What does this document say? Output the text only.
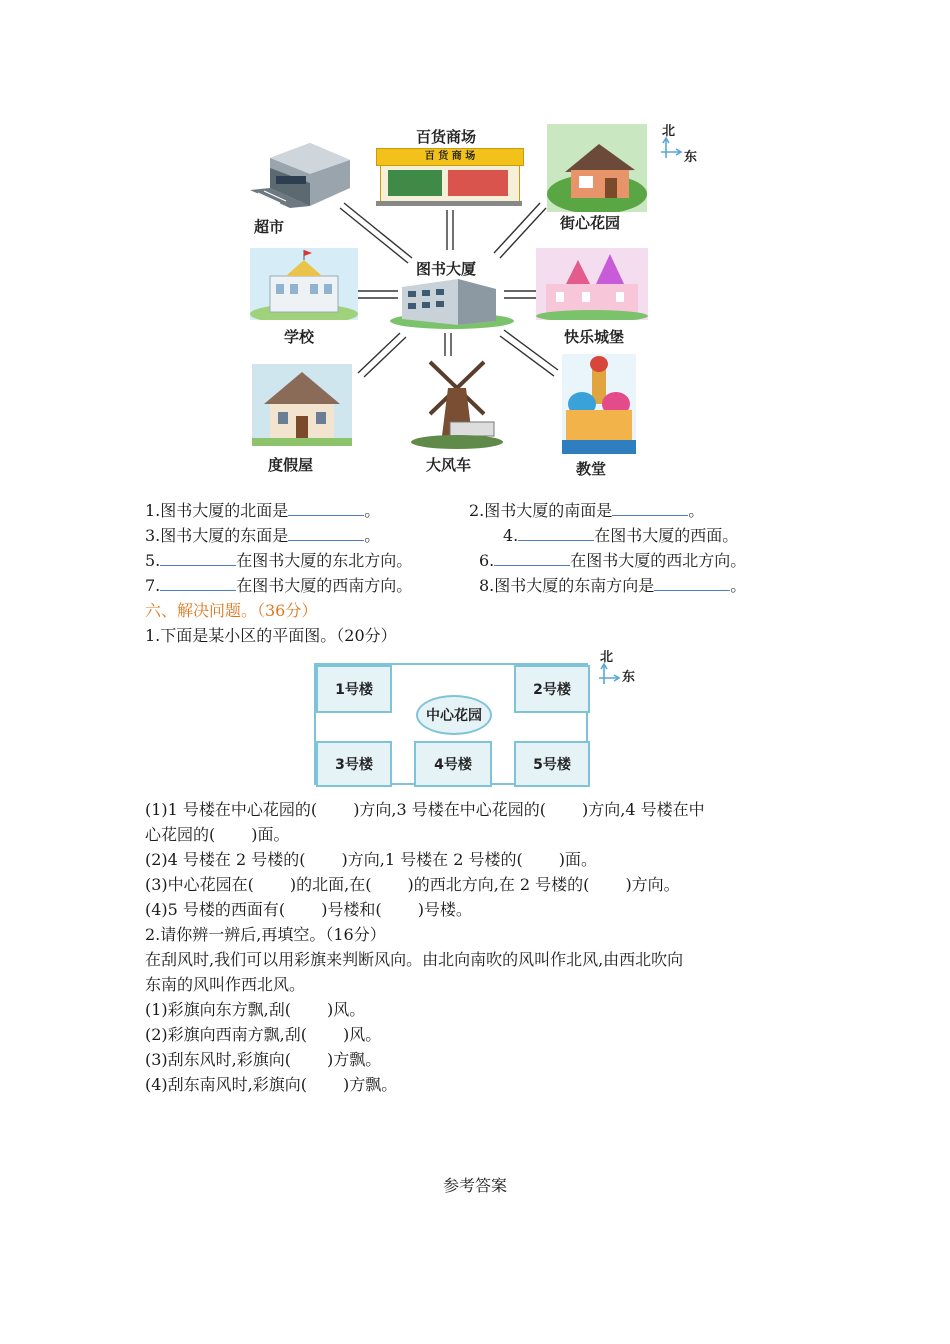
北
东
超市
百货商场
百 货 商 场
街心花园
图书大厦
学校	快乐城堡
度假屋	大风车	教堂
1.图书大厦的北面是	。	2.图书大厦的南面是	。
3.图书大厦的东面是	。	4.	在图书大厦的西面。
5.	在图书大厦的东北方向。	6.	在图书大厦的西北方向。
7.	在图书大厦的西南方向。	8.图书大厦的东南方向是	。
六、解决问题。（36分）
1.下面是某小区的平面图。（20分）
1号楼	2号楼
3号楼	4号楼	5号楼
中心花园
北
东
(1)1 号楼在中心花园的( )方向,3 号楼在中心花园的( )方向,4 号楼在中
心花园的( )面。
(2)4 号楼在 2 号楼的( )方向,1 号楼在 2 号楼的( )面。
(3)中心花园在( )的北面,在( )的西北方向,在 2 号楼的( )方向。
(4)5 号楼的西面有( )号楼和( )号楼。
2.请你辨一辨后,再填空。（16分）
在刮风时,我们可以用彩旗来判断风向。由北向南吹的风叫作北风,由西北吹向
东南的风叫作西北风。
(1)彩旗向东方飘,刮( )风。
(2)彩旗向西南方飘,刮( )风。
(3)刮东风时,彩旗向( )方飘。
(4)刮东南风时,彩旗向( )方飘。
参考答案
